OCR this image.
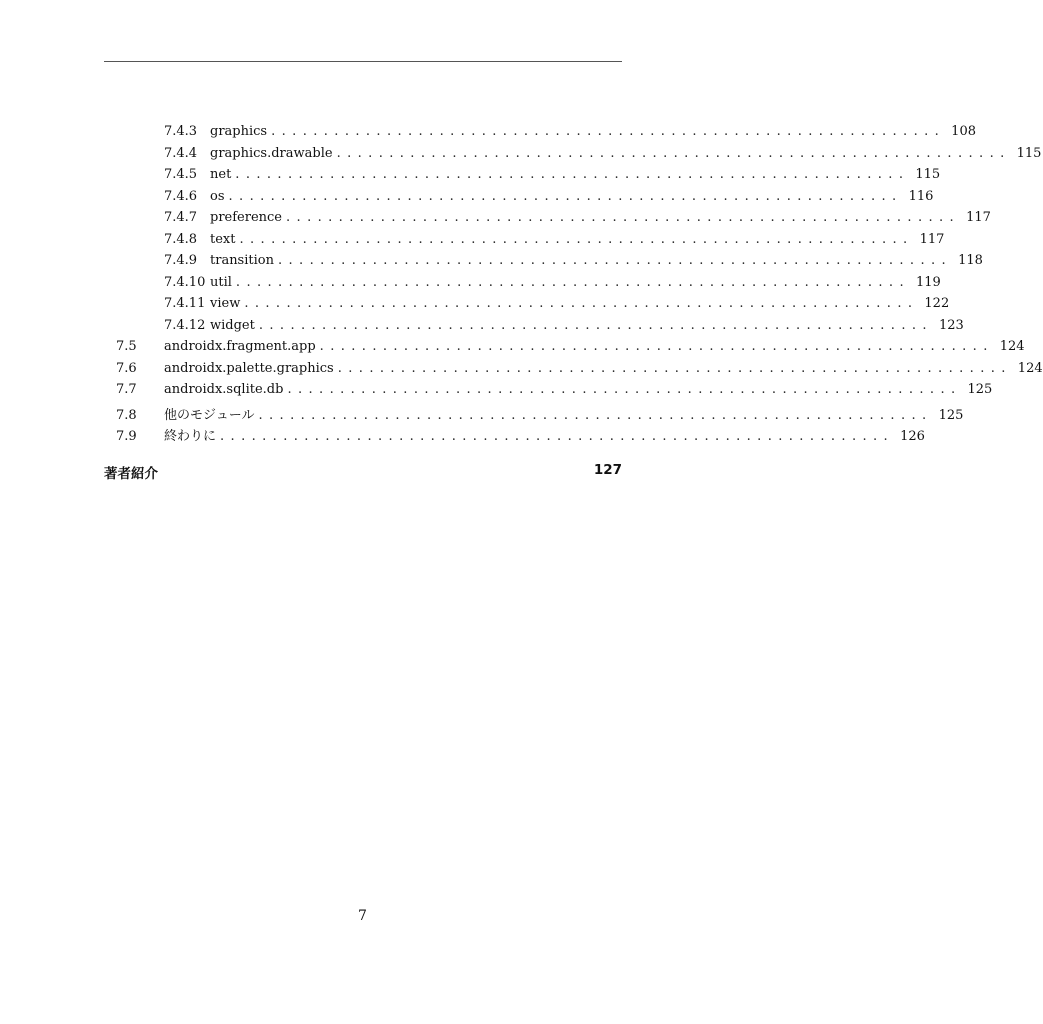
7.4.3 graphics ................................................................ 108
7.4.4 graphics.drawable ................................................................ 115
7.4.5 net ................................................................ 115
7.4.6 os ................................................................ 116
7.4.7 preference ................................................................ 117
7.4.8 text ................................................................ 117
7.4.9 transition ................................................................ 118
7.4.10 util ................................................................ 119
7.4.11 view ................................................................ 122
7.4.12 widget ................................................................ 123
7.5	androidx.fragment.app ................................................................ 124
7.6	androidx.palette.graphics ................................................................ 124
7.7	androidx.sqlite.db ................................................................ 125
7.8	他のモジュール ................................................................ 125
7.9	終わりに ................................................................ 126
著者紹介	127
7
